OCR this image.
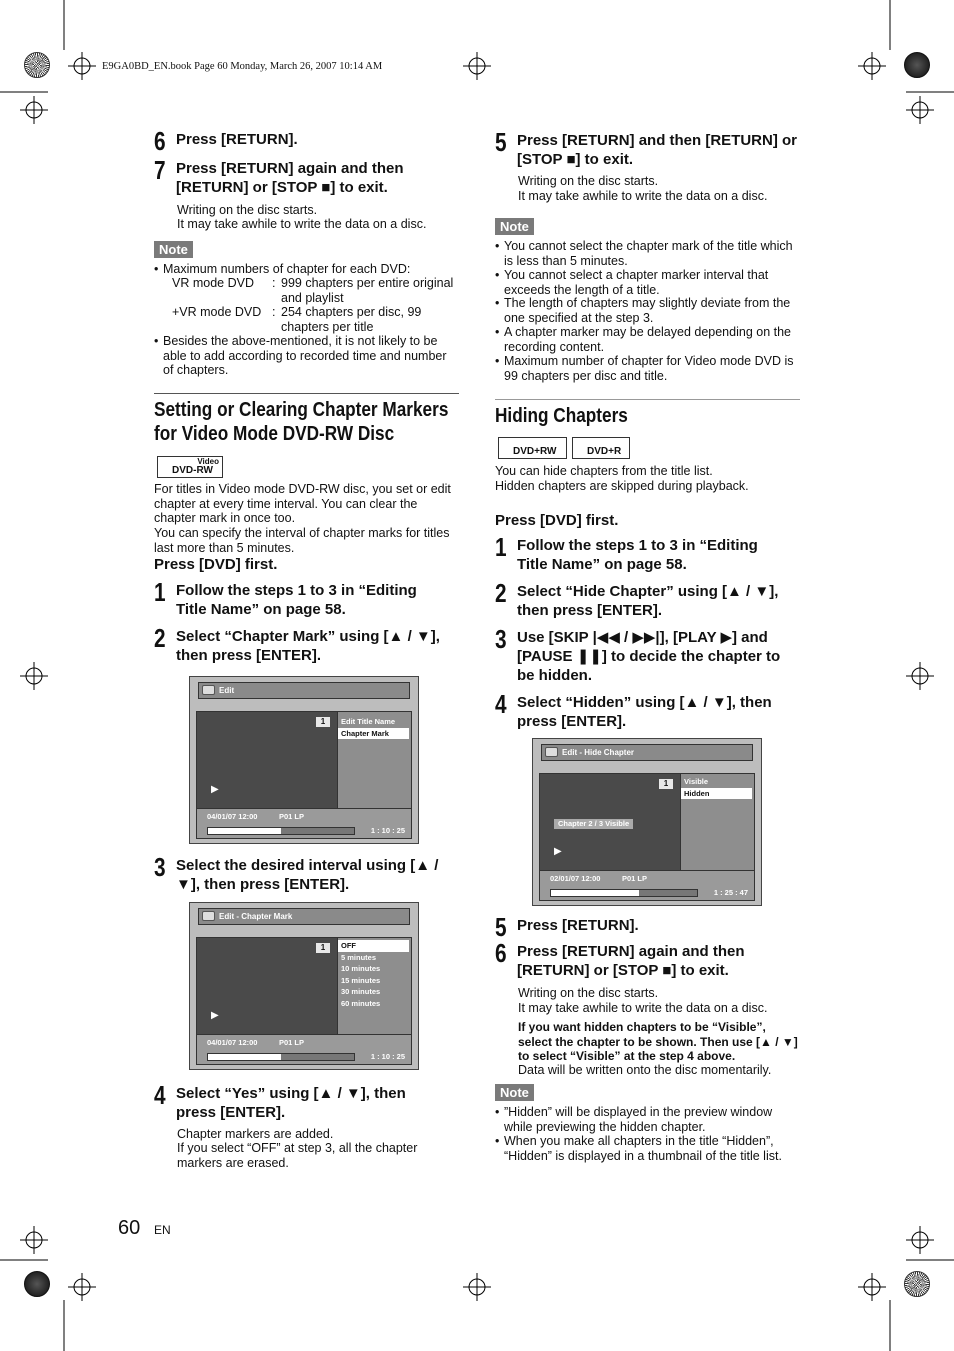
E9GA0BD_EN.book Page 60 Monday, March 26, 2007 10:14 AM
6 Press [RETURN].
7 Press [RETURN] again and then [RETURN] or [STOP ■] to exit.
Writing on the disc starts.
It may take awhile to write the data on a disc.
Note
• Maximum numbers of chapter for each DVD:
VR mode DVD : 999 chapters per entire original and playlist
+VR mode DVD : 254 chapters per disc, 99 chapters per title
• Besides the above-mentioned, it is not likely to be able to add according to recorded time and number of chapters.
Setting or Clearing Chapter Markers
for Video Mode DVD-RW Disc
Video
DVD-RW
For titles in Video mode DVD-RW disc, you set or edit chapter at every time interval. You can clear the chapter mark in once too.
You can specify the interval of chapter marks for titles last more than 5 minutes.
Press [DVD] first.
1 Follow the steps 1 to 3 in “Editing Title Name” on page 58.
2 Select “Chapter Mark” using [▲ / ▼], then press [ENTER].
Edit
1
▶
Edit Title Name
Chapter Mark
04/01/07 12:00	P01 LP
1 : 10 : 25
3 Select the desired interval using [▲ / ▼], then press [ENTER].
Edit - Chapter Mark
1
▶
OFF
5 minutes
10 minutes
15 minutes
30 minutes
60 minutes
04/01/07 12:00	P01 LP
1 : 10 : 25
4 Select “Yes” using [▲ / ▼], then press [ENTER].
Chapter markers are added.
If you select “OFF” at step 3, all the chapter markers are erased.
5 Press [RETURN] and then [RETURN] or [STOP ■] to exit.
Writing on the disc starts.
It may take awhile to write the data on a disc.
Note
• You cannot select the chapter mark of the title which is less than 5 minutes.
• You cannot select a chapter marker interval that exceeds the length of a title.
• The length of chapters may slightly deviate from the one specified at the step 3.
• A chapter marker may be delayed depending on the recording content.
• Maximum number of chapter for Video mode DVD is 99 chapters per disc and title.
Hiding Chapters
DVD+RW	DVD+R
You can hide chapters from the title list.
Hidden chapters are skipped during playback.
Press [DVD] first.
1 Follow the steps 1 to 3 in “Editing Title Name” on page 58.
2 Select “Hide Chapter” using [▲ / ▼], then press [ENTER].
3 Use [SKIP |◀◀ / ▶▶|], [PLAY ▶] and [PAUSE ❚❚] to decide the chapter to be hidden.
4 Select “Hidden” using [▲ / ▼], then press [ENTER].
Edit - Hide Chapter
1
Chapter 2 / 3 Visible
▶
Visible
Hidden
02/01/07 12:00	P01 LP
1 : 25 : 47
5 Press [RETURN].
6 Press [RETURN] again and then [RETURN] or [STOP ■] to exit.
Writing on the disc starts.
It may take awhile to write the data on a disc.
If you want hidden chapters to be “Visible”, select the chapter to be shown. Then use [▲ / ▼] to select “Visible” at the step 4 above.
Data will be written onto the disc momentarily.
Note
• ”Hidden” will be displayed in the preview window while previewing the hidden chapter.
• When you make all chapters in the title “Hidden”, “Hidden” is displayed in a thumbnail of the title list.
60 EN
